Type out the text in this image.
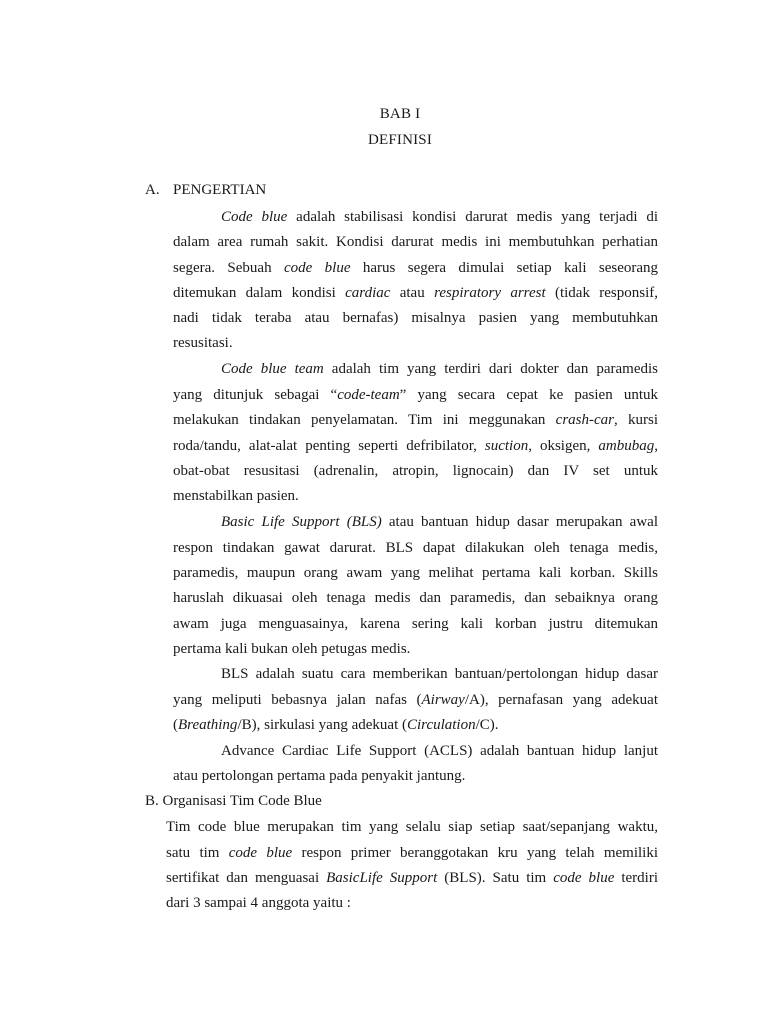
BAB I
DEFINISI
A. PENGERTIAN
Code blue adalah stabilisasi kondisi darurat medis yang terjadi di
dalam area rumah sakit. Kondisi darurat medis ini membutuhkan perhatian
segera. Sebuah code blue harus segera dimulai setiap kali seseorang
ditemukan dalam kondisi cardiac atau respiratory arrest (tidak responsif,
nadi tidak teraba atau bernafas) misalnya pasien yang membutuhkan
resusitasi.
Code blue team adalah tim yang terdiri dari dokter dan paramedis
yang ditunjuk sebagai “code-team” yang secara cepat ke pasien untuk
melakukan tindakan penyelamatan. Tim ini meggunakan crash-car, kursi
roda/tandu, alat-alat penting seperti defribilator, suction, oksigen, ambubag,
obat-obat resusitasi (adrenalin, atropin, lignocain) dan IV set untuk
menstabilkan pasien.
Basic Life Support (BLS) atau bantuan hidup dasar merupakan awal
respon tindakan gawat darurat. BLS dapat dilakukan oleh tenaga medis,
paramedis, maupun orang awam yang melihat pertama kali korban. Skills
haruslah dikuasai oleh tenaga medis dan paramedis, dan sebaiknya orang
awam juga menguasainya, karena sering kali korban justru ditemukan
pertama kali bukan oleh petugas medis.
BLS adalah suatu cara memberikan bantuan/pertolongan hidup dasar
yang meliputi bebasnya jalan nafas (Airway/A), pernafasan yang adekuat
(Breathing/B), sirkulasi yang adekuat (Circulation/C).
Advance Cardiac Life Support (ACLS) adalah bantuan hidup lanjut
atau pertolongan pertama pada penyakit jantung.
B. Organisasi Tim Code Blue
Tim code blue merupakan tim yang selalu siap setiap saat/sepanjang waktu,
satu tim code blue respon primer beranggotakan kru yang telah memiliki
sertifikat dan menguasai BasicLife Support (BLS). Satu tim code blue terdiri
dari 3 sampai 4 anggota yaitu :
